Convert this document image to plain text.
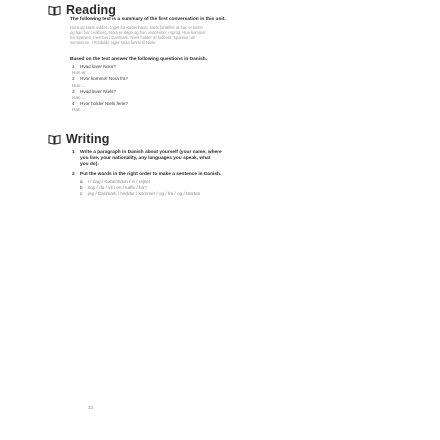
Reading
The following text is a summary of the first conversation in this unit.
Nora og Niels sidder i toget fra København. Niels fortæller at han er lærer
og han bor i Aalborg. Nora er læge og hun underviser i sprog. Hun kommer
fra Spanien, men bor i Danmark. Niels holder af fodbold. Spanien om
sommeren. I Roskilde siger Nora farvel til Niels.
Based on the text answer the following questions in Danish.
1	Hvad laver Nora?
Hun er ...
2	Hvor kommer Nora fra?
Hun ...
3	Hvad laver Niels?
Han ...
4	Hvor holder Niels ferie?
Han ...
Writing
1	Write a paragraph in Danish about yourself (your name, where
you live, your nationality, any languages you speak, what
you do).
2	Put the words in the right order to make a sentence in Danish.
a	i / dag / København / vi / rejser
b	kop / du / vil / en / kaffe / ha?
c	jeg / Danmark / hedder / kommer / og / fra / og / Morten
10
